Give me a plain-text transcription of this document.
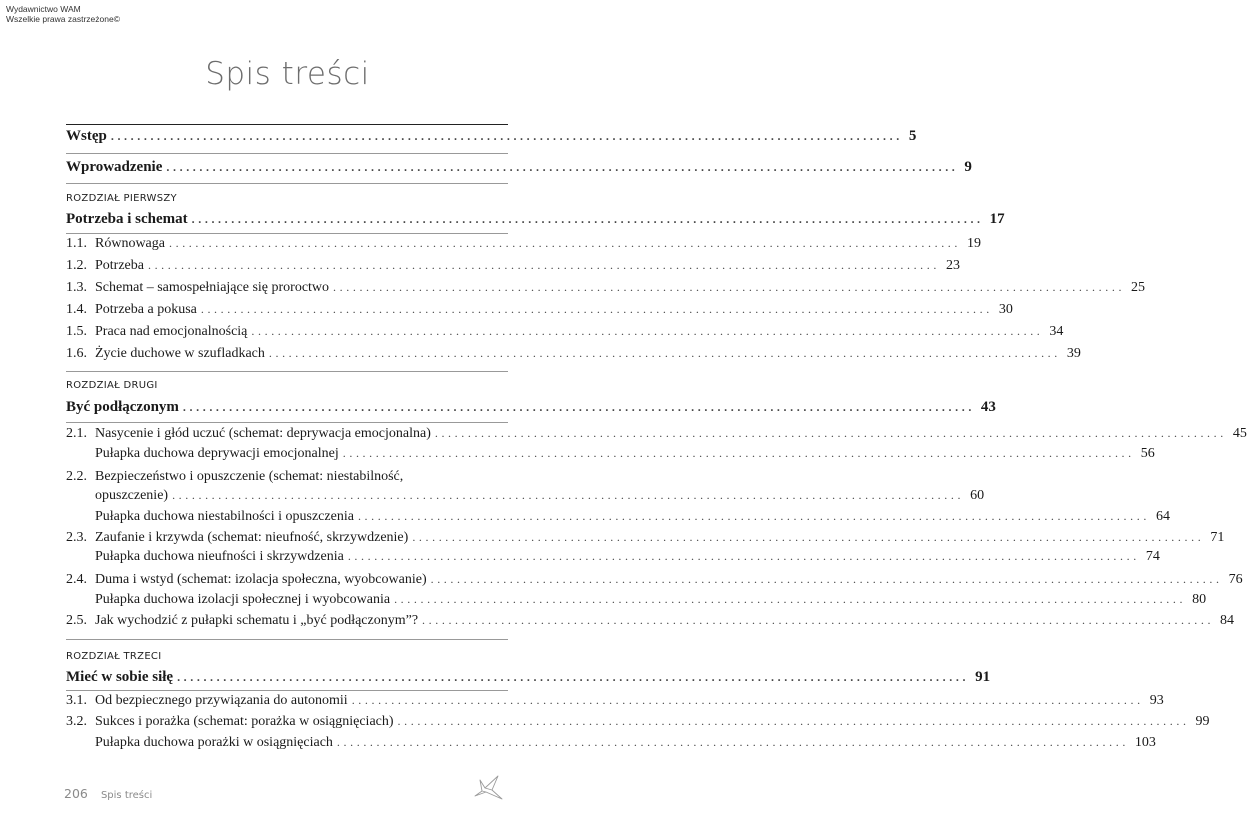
Wydawnictwo WAM
Wszelkie prawa zastrzeżone©
Spis treści
Wstęp ........................................................................................................................ 5
Wprowadzenie ........................................................................................................................ 9
ROZDZIAŁ PIERWSZY
Potrzeba i schemat ........................................................................................................................ 17
1.1. Równowaga ........................................................................................................................ 19
1.2. Potrzeba ........................................................................................................................ 23
1.3. Schemat – samospełniające się proroctwo ........................................................................................................................ 25
1.4. Potrzeba a pokusa ........................................................................................................................ 30
1.5. Praca nad emocjonalnością ........................................................................................................................ 34
1.6. Życie duchowe w szufladkach ........................................................................................................................ 39
ROZDZIAŁ DRUGI
Być podłączonym ........................................................................................................................ 43
2.1. Nasycenie i głód uczuć (schemat: deprywacja emocjonalna) ........................................................................................................................ 45
Pułapka duchowa deprywacji emocjonalnej ........................................................................................................................ 56
2.2. Bezpieczeństwo i opuszczenie (schemat: niestabilność,
opuszczenie) ........................................................................................................................ 60
Pułapka duchowa niestabilności i opuszczenia ........................................................................................................................ 64
2.3. Zaufanie i krzywda (schemat: nieufność, skrzywdzenie) ........................................................................................................................ 71
Pułapka duchowa nieufności i skrzywdzenia ........................................................................................................................ 74
2.4. Duma i wstyd (schemat: izolacja społeczna, wyobcowanie) ........................................................................................................................ 76
Pułapka duchowa izolacji społecznej i wyobcowania ........................................................................................................................ 80
2.5. Jak wychodzić z pułapki schematu i „być podłączonym”? ........................................................................................................................ 84
ROZDZIAŁ TRZECI
Mieć w sobie siłę ........................................................................................................................ 91
3.1. Od bezpiecznego przywiązania do autonomii ........................................................................................................................ 93
3.2. Sukces i porażka (schemat: porażka w osiągnięciach) ........................................................................................................................ 99
Pułapka duchowa porażki w osiągnięciach ........................................................................................................................ 103
206 Spis treści
